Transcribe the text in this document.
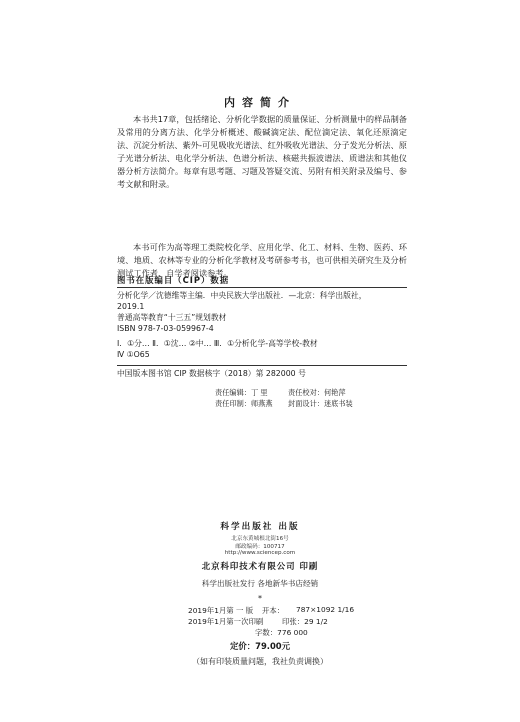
内容简介

本书共17章，包括绪论、分析化学数据的质量保证、分析测量中的样品制备及常用的分离方法、化学分析概述、酸碱滴定法、配位滴定法、氧化还原滴定法、沉淀分析法、紫外-可见吸收光谱法、红外吸收光谱法、分子发光分析法、原子光谱分析法、电化学分析法、色谱分析法、核磁共振波谱法、质谱法和其他仪器分析方法简介。每章有思考题、习题及答疑交流、另附有相关附录及编号、参考文献和附录。

本书可作为高等理工类院校化学、应用化学、化工、材料、生物、医药、环境、地质、农林等专业的分析化学教材及考研参考书，也可供相关研究生及分析测试工作者、自学者阅读参考。

图书在版编目（CIP）数据
分析化学／沈德维等主编．中央民族大学出版社．—北京：科学出版社，
2019.1
普通高等教育“十三五”规划教材
ISBN 978-7-03-059967-4
Ⅰ．①分… Ⅱ．①沈… ②中… Ⅲ．①分析化学-高等学校-教材
Ⅳ ①O65
中国版本图书馆 CIP 数据核字（2018）第 282000 号
责任编辑：丁 里	责任校对：何艳萍
责任印制：师燕燕 封面设计：迷底书装
科学出版社 出版
北京东黄城根北街16号
邮政编码：100717
http://www.sciencep.com
北京科印技术有限公司 印刷
科学出版社发行 各地新华书店经销
*
2019年1月第 一 版 开本： 787×1092 1/16
2019年1月第一次印刷	印张：29 1/2
字数：776 000
定价：79.00元
（如有印装质量问题，我社负责调换）
